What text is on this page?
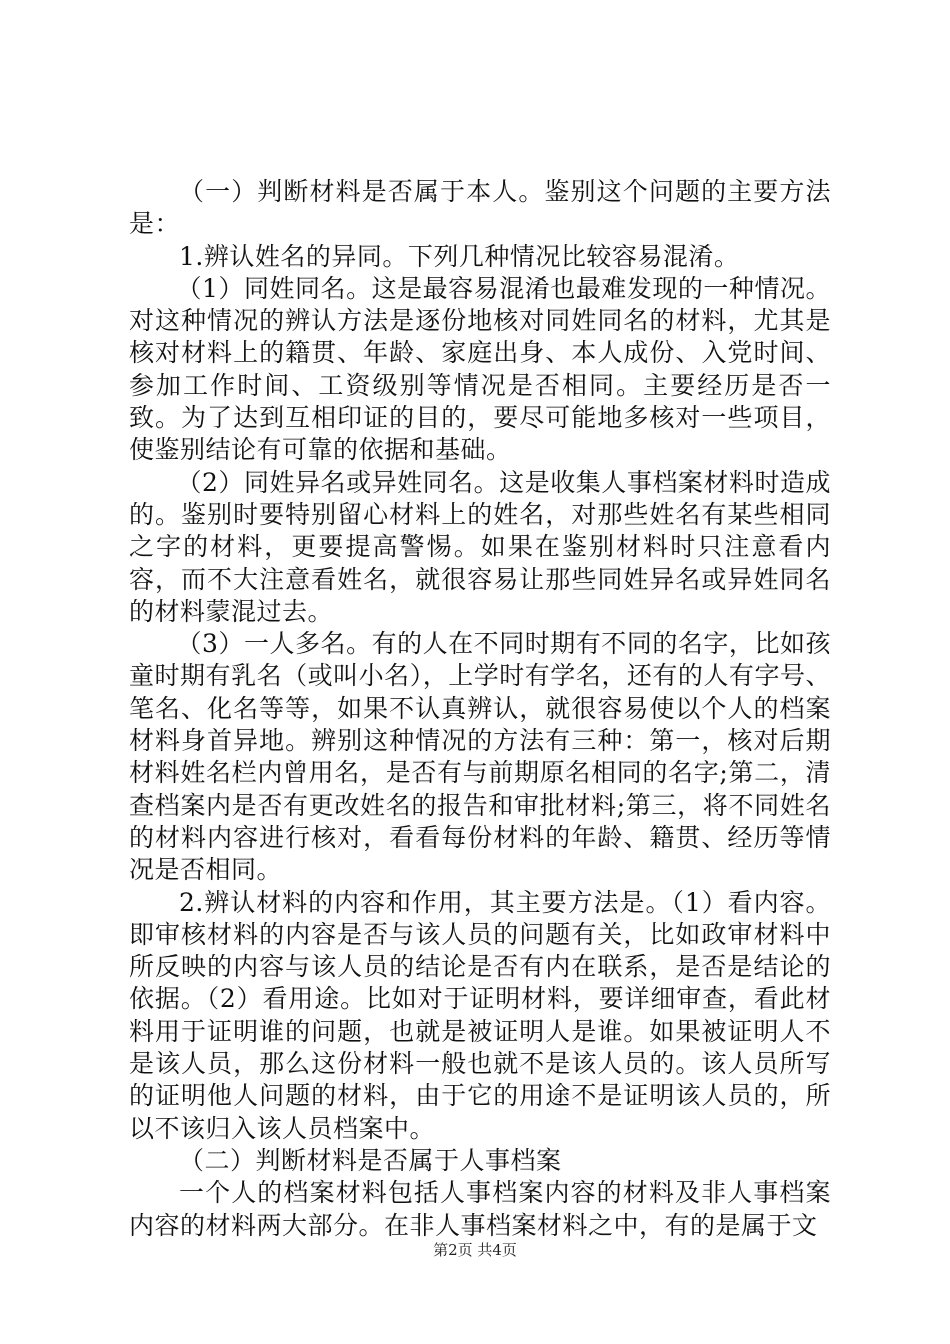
（一）判断材料是否属于本人。鉴别这个问题的主要方法是：

1.辨认姓名的异同。下列几种情况比较容易混淆。

（1）同姓同名。这是最容易混淆也最难发现的一种情况。对这种情况的辨认方法是逐份地核对同姓同名的材料，尤其是核对材料上的籍贯、年龄、家庭出身、本人成份、入党时间、参加工作时间、工资级别等情况是否相同。主要经历是否一致。为了达到互相印证的目的，要尽可能地多核对一些项目，使鉴别结论有可靠的依据和基础。

（2）同姓异名或异姓同名。这是收集人事档案材料时造成的。鉴别时要特别留心材料上的姓名，对那些姓名有某些相同之字的材料，更要提高警惕。如果在鉴别材料时只注意看内容，而不大注意看姓名，就很容易让那些同姓异名或异姓同名的材料蒙混过去。

（3）一人多名。有的人在不同时期有不同的名字，比如孩童时期有乳名（或叫小名），上学时有学名，还有的人有字号、笔名、化名等等，如果不认真辨认，就很容易使以个人的档案材料身首异地。辨别这种情况的方法有三种：第一，核对后期材料姓名栏内曾用名，是否有与前期原名相同的名字;第二，清查档案内是否有更改姓名的报告和审批材料;第三，将不同姓名的材料内容进行核对，看看每份材料的年龄、籍贯、经历等情况是否相同。

2.辨认材料的内容和作用，其主要方法是。（1）看内容。即审核材料的内容是否与该人员的问题有关，比如政审材料中所反映的内容与该人员的结论是否有内在联系，是否是结论的依据。（2）看用途。比如对于证明材料，要详细审查，看此材料用于证明谁的问题，也就是被证明人是谁。如果被证明人不是该人员，那么这份材料一般也就不是该人员的。该人员所写的证明他人问题的材料，由于它的用途不是证明该人员的，所以不该归入该人员档案中。

（二）判断材料是否属于人事档案

一个人的档案材料包括人事档案内容的材料及非人事档案内容的材料两大部分。在非人事档案材料之中，有的是属于文

第2页 共4页
